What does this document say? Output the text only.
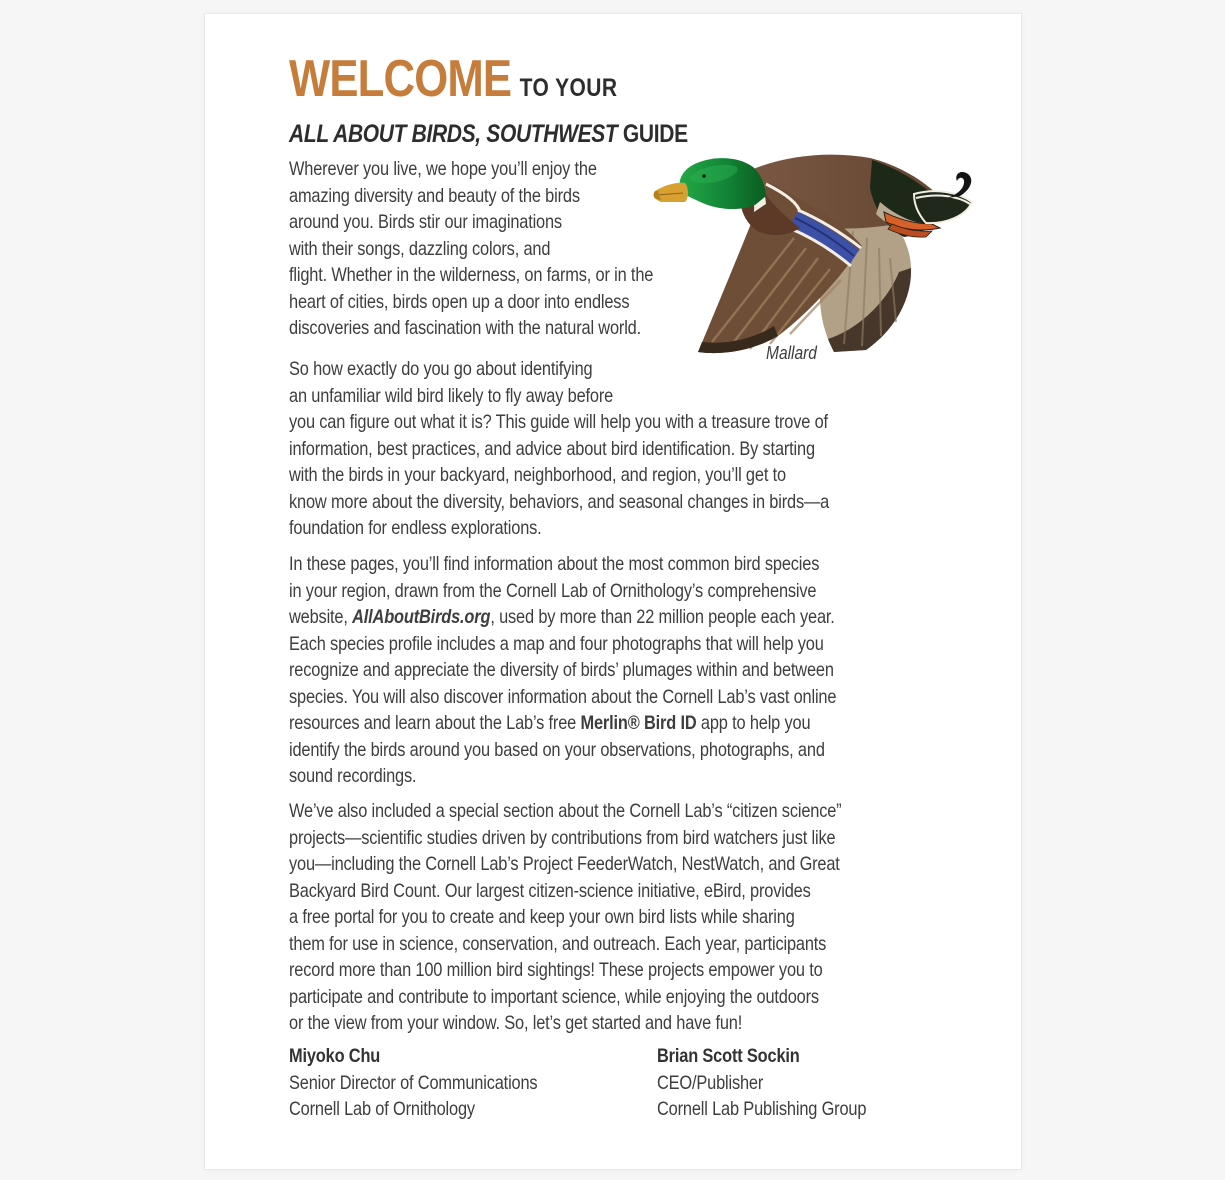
WELCOME TO YOUR
ALL ABOUT BIRDS, SOUTHWEST GUIDE
Wherever you live, we hope you’ll enjoy the
amazing diversity and beauty of the birds
around you. Birds stir our imaginations
with their songs, dazzling colors, and
flight. Whether in the wilderness, on farms, or in the
heart of cities, birds open up a door into endless
discoveries and fascination with the natural world.
So how exactly do you go about identifying
an unfamiliar wild bird likely to fly away before
you can figure out what it is? This guide will help you with a treasure trove of
information, best practices, and advice about bird identification. By starting
with the birds in your backyard, neighborhood, and region, you’ll get to
know more about the diversity, behaviors, and seasonal changes in birds—a
foundation for endless explorations.
In these pages, you’ll find information about the most common bird species
in your region, drawn from the Cornell Lab of Ornithology’s comprehensive
website, AllAboutBirds.org, used by more than 22 million people each year.
Each species profile includes a map and four photographs that will help you
recognize and appreciate the diversity of birds’ plumages within and between
species. You will also discover information about the Cornell Lab’s vast online
resources and learn about the Lab’s free Merlin® Bird ID app to help you
identify the birds around you based on your observations, photographs, and
sound recordings.
We’ve also included a special section about the Cornell Lab’s “citizen science”
projects—scientific studies driven by contributions from bird watchers just like
you—including the Cornell Lab’s Project FeederWatch, NestWatch, and Great
Backyard Bird Count. Our largest citizen-science initiative, eBird, provides
a free portal for you to create and keep your own bird lists while sharing
them for use in science, conservation, and outreach. Each year, participants
record more than 100 million bird sightings! These projects empower you to
participate and contribute to important science, while enjoying the outdoors
or the view from your window. So, let’s get started and have fun!
Mallard
Miyoko Chu
Senior Director of Communications
Cornell Lab of Ornithology
Brian Scott Sockin
CEO/Publisher
Cornell Lab Publishing Group
